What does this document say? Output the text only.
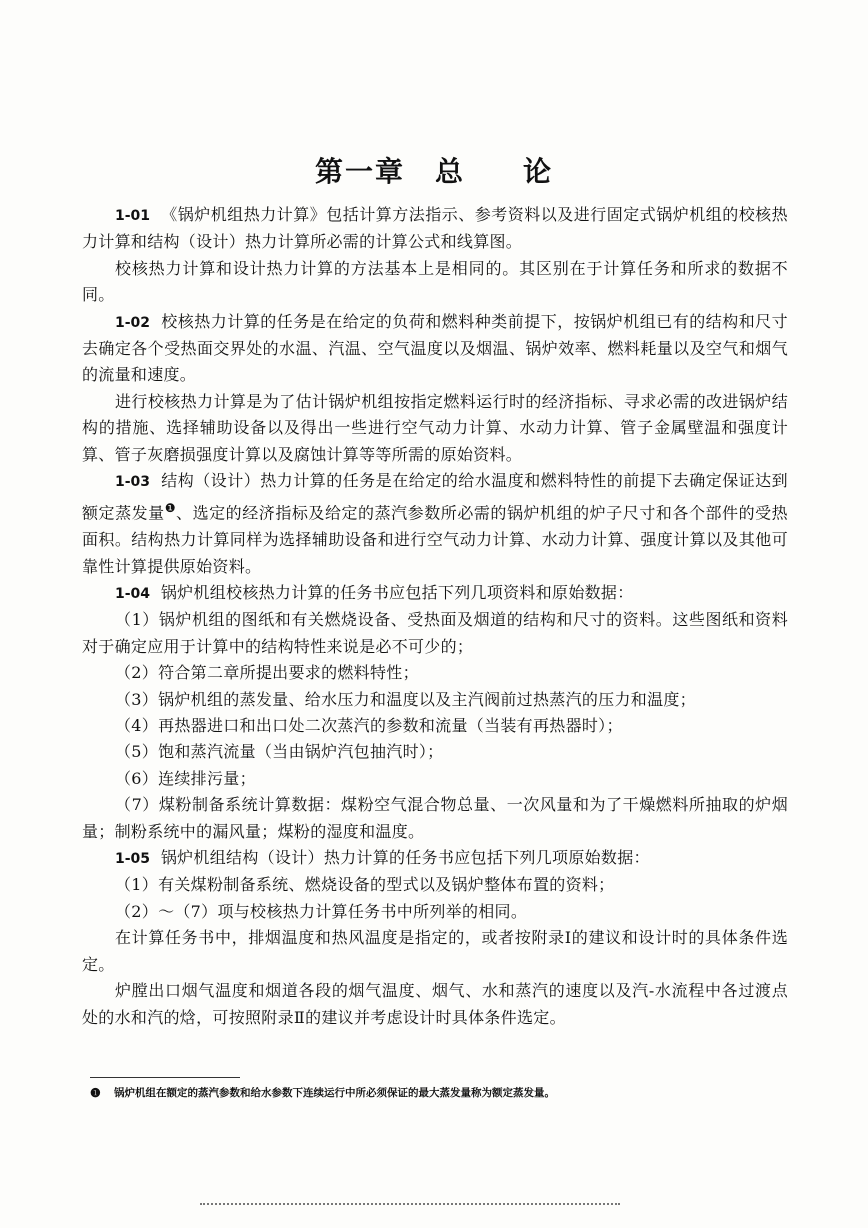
第一章 总 论

1-01 《锅炉机组热力计算》包括计算方法指示、参考资料以及进行固定式锅炉机组的校核热力计算和结构（设计）热力计算所必需的计算公式和线算图。

校核热力计算和设计热力计算的方法基本上是相同的。其区别在于计算任务和所求的数据不同。

1-02 校核热力计算的任务是在给定的负荷和燃料种类前提下，按锅炉机组已有的结构和尺寸去确定各个受热面交界处的水温、汽温、空气温度以及烟温、锅炉效率、燃料耗量以及空气和烟气的流量和速度。

进行校核热力计算是为了估计锅炉机组按指定燃料运行时的经济指标、寻求必需的改进锅炉结构的措施、选择辅助设备以及得出一些进行空气动力计算、水动力计算、管子金属壁温和强度计算、管子灰磨损强度计算以及腐蚀计算等等所需的原始资料。

1-03 结构（设计）热力计算的任务是在给定的给水温度和燃料特性的前提下去确定保证达到额定蒸发量$^❶$、选定的经济指标及给定的蒸汽参数所必需的锅炉机组的炉子尺寸和各个部件的受热面积。结构热力计算同样为选择辅助设备和进行空气动力计算、水动力计算、强度计算以及其他可靠性计算提供原始资料。

1-04 锅炉机组校核热力计算的任务书应包括下列几项资料和原始数据：

（1）锅炉机组的图纸和有关燃烧设备、受热面及烟道的结构和尺寸的资料。这些图纸和资料对于确定应用于计算中的结构特性来说是必不可少的；

（2）符合第二章所提出要求的燃料特性；

（3）锅炉机组的蒸发量、给水压力和温度以及主汽阀前过热蒸汽的压力和温度；

（4）再热器进口和出口处二次蒸汽的参数和流量（当装有再热器时）；

（5）饱和蒸汽流量（当由锅炉汽包抽汽时）；

（6）连续排污量；

（7）煤粉制备系统计算数据：煤粉空气混合物总量、一次风量和为了干燥燃料所抽取的炉烟量；制粉系统中的漏风量；煤粉的湿度和温度。

1-05 锅炉机组结构（设计）热力计算的任务书应包括下列几项原始数据：

（1）有关煤粉制备系统、燃烧设备的型式以及锅炉整体布置的资料；

（2）～（7）项与校核热力计算任务书中所列举的相同。

在计算任务书中，排烟温度和热风温度是指定的，或者按附录Ⅰ的建议和设计时的具体条件选定。

炉膛出口烟气温度和烟道各段的烟气温度、烟气、水和蒸汽的速度以及汽-水流程中各过渡点处的水和汽的焓，可按照附录Ⅱ的建议并考虑设计时具体条件选定。

❶ 锅炉机组在额定的蒸汽参数和给水参数下连续运行中所必须保证的最大蒸发量称为额定蒸发量。
